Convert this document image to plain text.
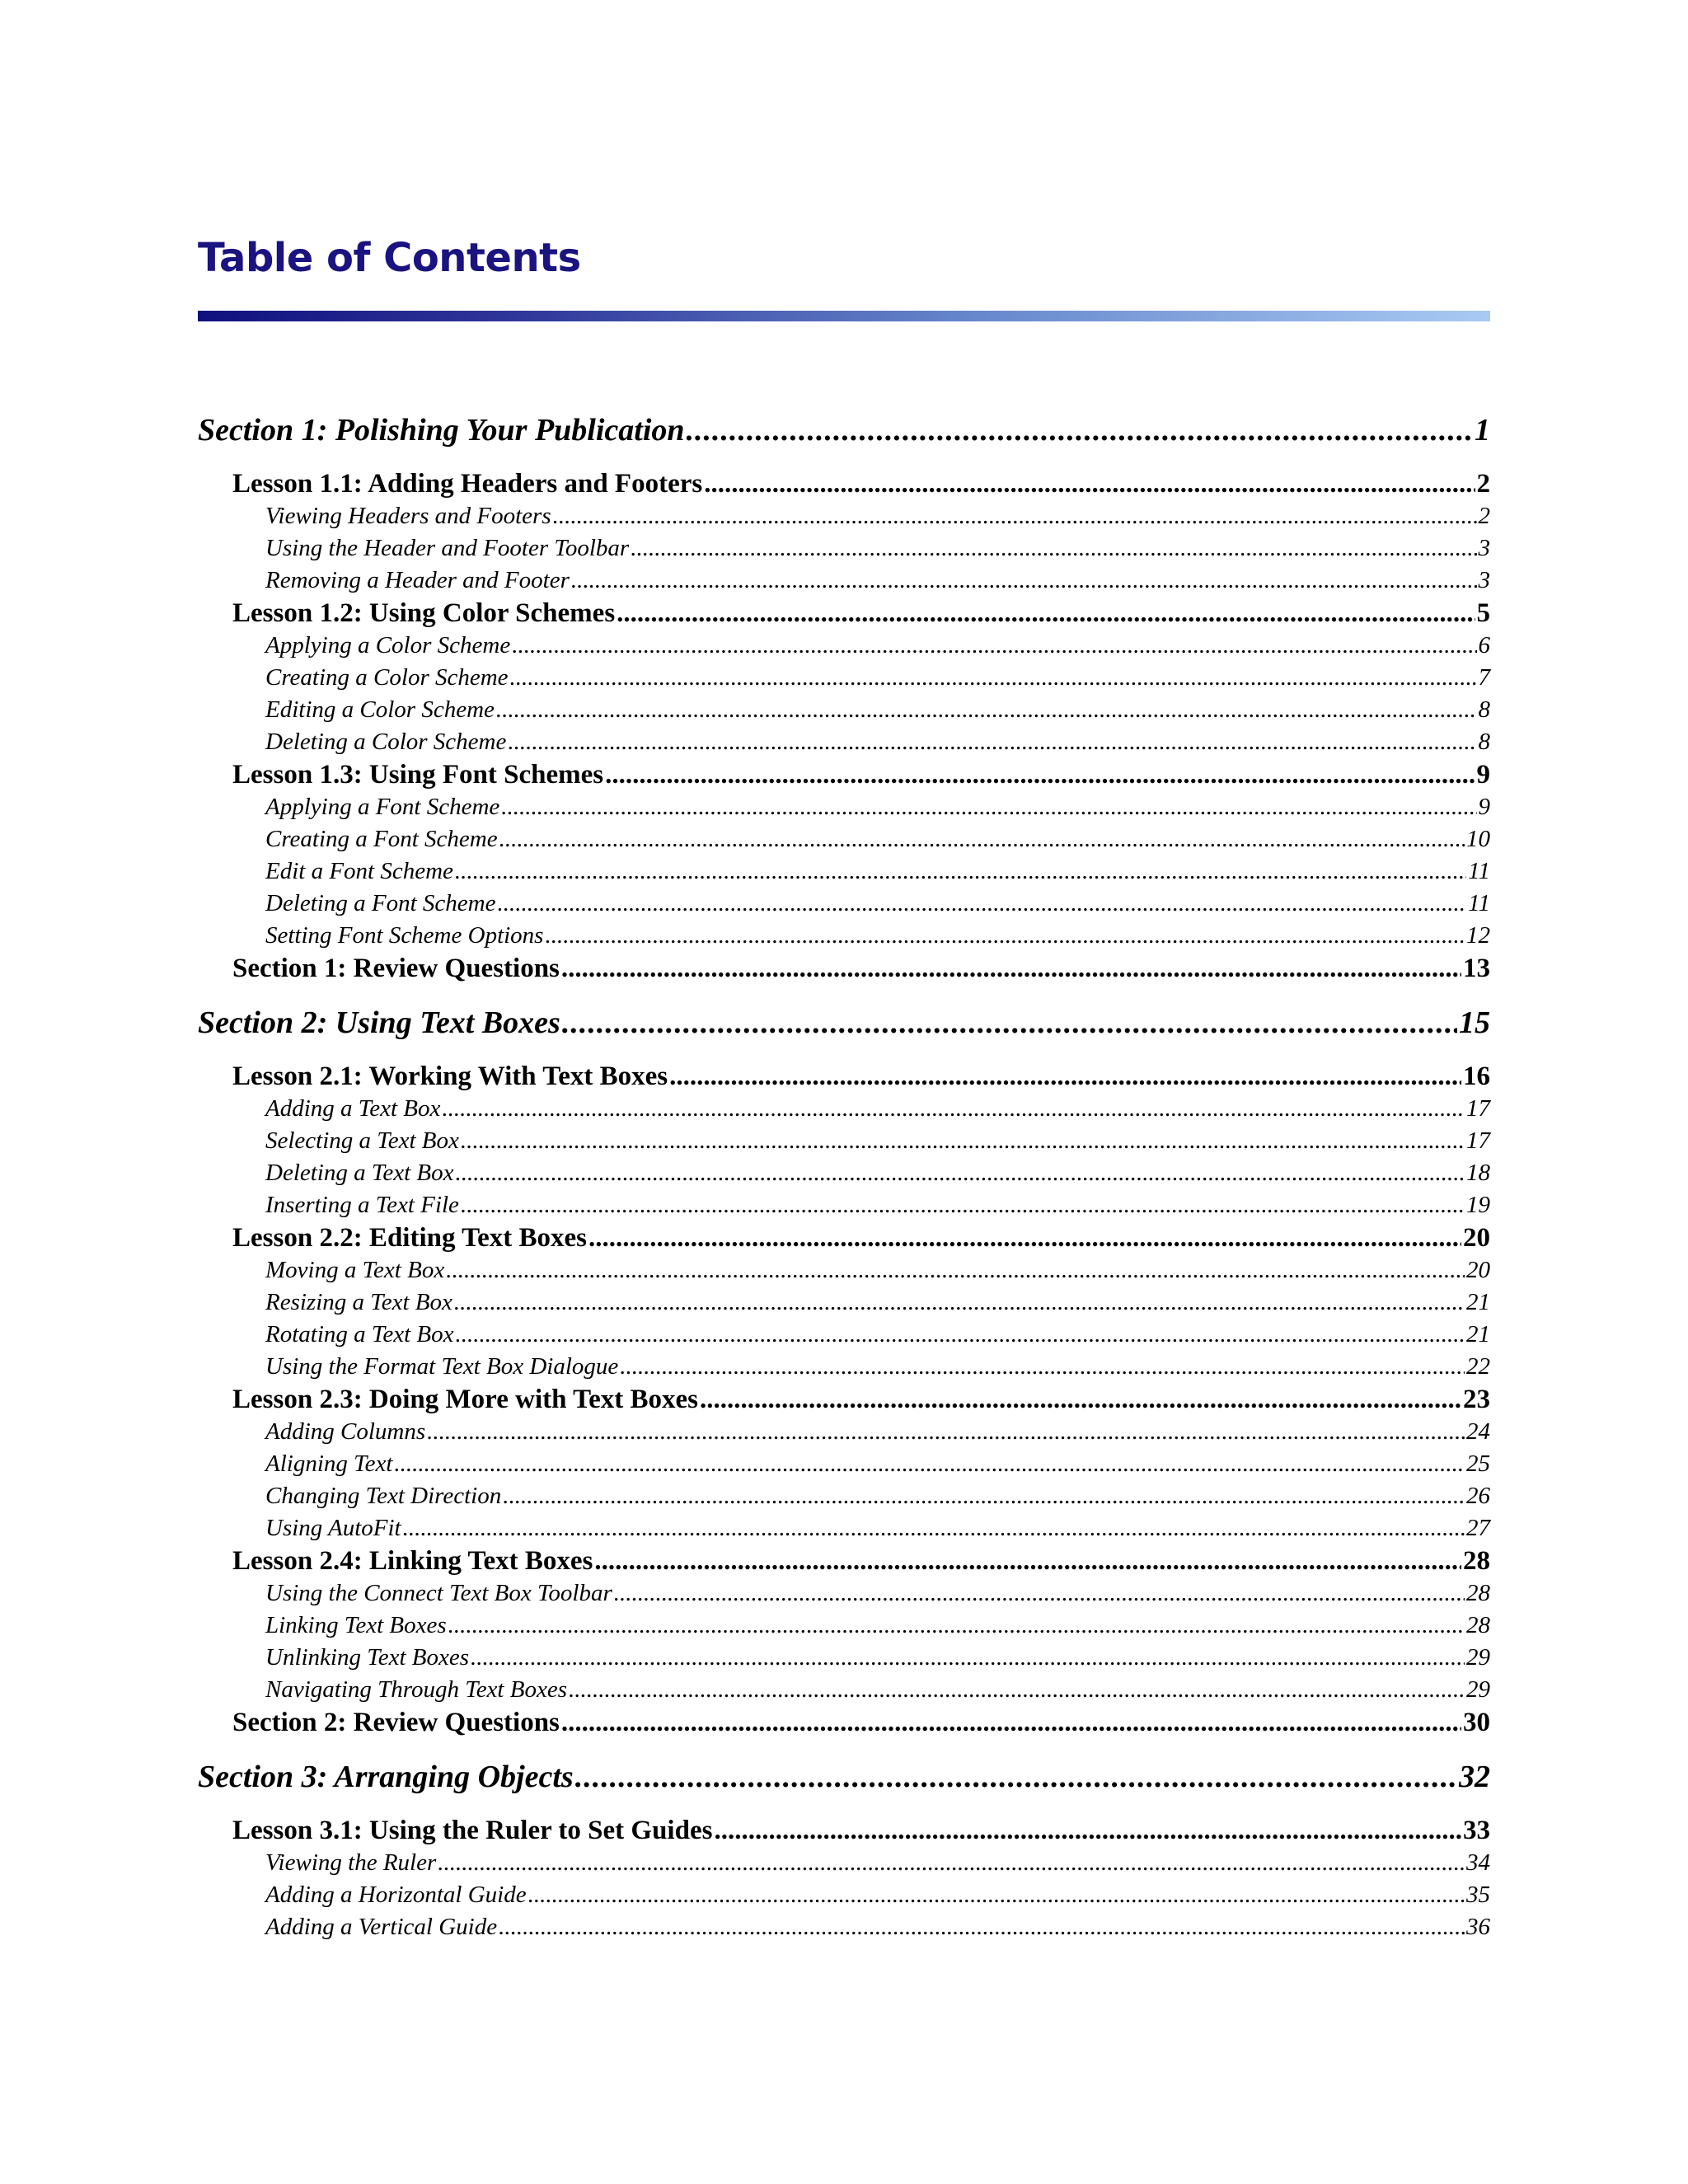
Table of Contents
Section 1: Polishing Your Publication .....	1
Lesson 1.1: Adding Headers and Footers .....	2
Viewing Headers and Footers .....	2
Using the Header and Footer Toolbar .....	3
Removing a Header and Footer .....	3
Lesson 1.2: Using Color Schemes .....	5
Applying a Color Scheme .....	6
Creating a Color Scheme .....	7
Editing a Color Scheme .....	8
Deleting a Color Scheme .....	8
Lesson 1.3: Using Font Schemes .....	9
Applying a Font Scheme .....	9
Creating a Font Scheme .....	10
Edit a Font Scheme .....	11
Deleting a Font Scheme .....	11
Setting Font Scheme Options .....	12
Section 1: Review Questions .....	13
Section 2: Using Text Boxes .....	15
Lesson 2.1: Working With Text Boxes .....	16
Adding a Text Box .....	17
Selecting a Text Box .....	17
Deleting a Text Box .....	18
Inserting a Text File .....	19
Lesson 2.2: Editing Text Boxes .....	20
Moving a Text Box .....	20
Resizing a Text Box .....	21
Rotating a Text Box .....	21
Using the Format Text Box Dialogue .....	22
Lesson 2.3: Doing More with Text Boxes .....	23
Adding Columns .....	24
Aligning Text .....	25
Changing Text Direction .....	26
Using AutoFit .....	27
Lesson 2.4: Linking Text Boxes .....	28
Using the Connect Text Box Toolbar .....	28
Linking Text Boxes .....	28
Unlinking Text Boxes .....	29
Navigating Through Text Boxes .....	29
Section 2: Review Questions .....	30
Section 3: Arranging Objects .....	32
Lesson 3.1: Using the Ruler to Set Guides .....	33
Viewing the Ruler .....	34
Adding a Horizontal Guide .....	35
Adding a Vertical Guide .....	36
